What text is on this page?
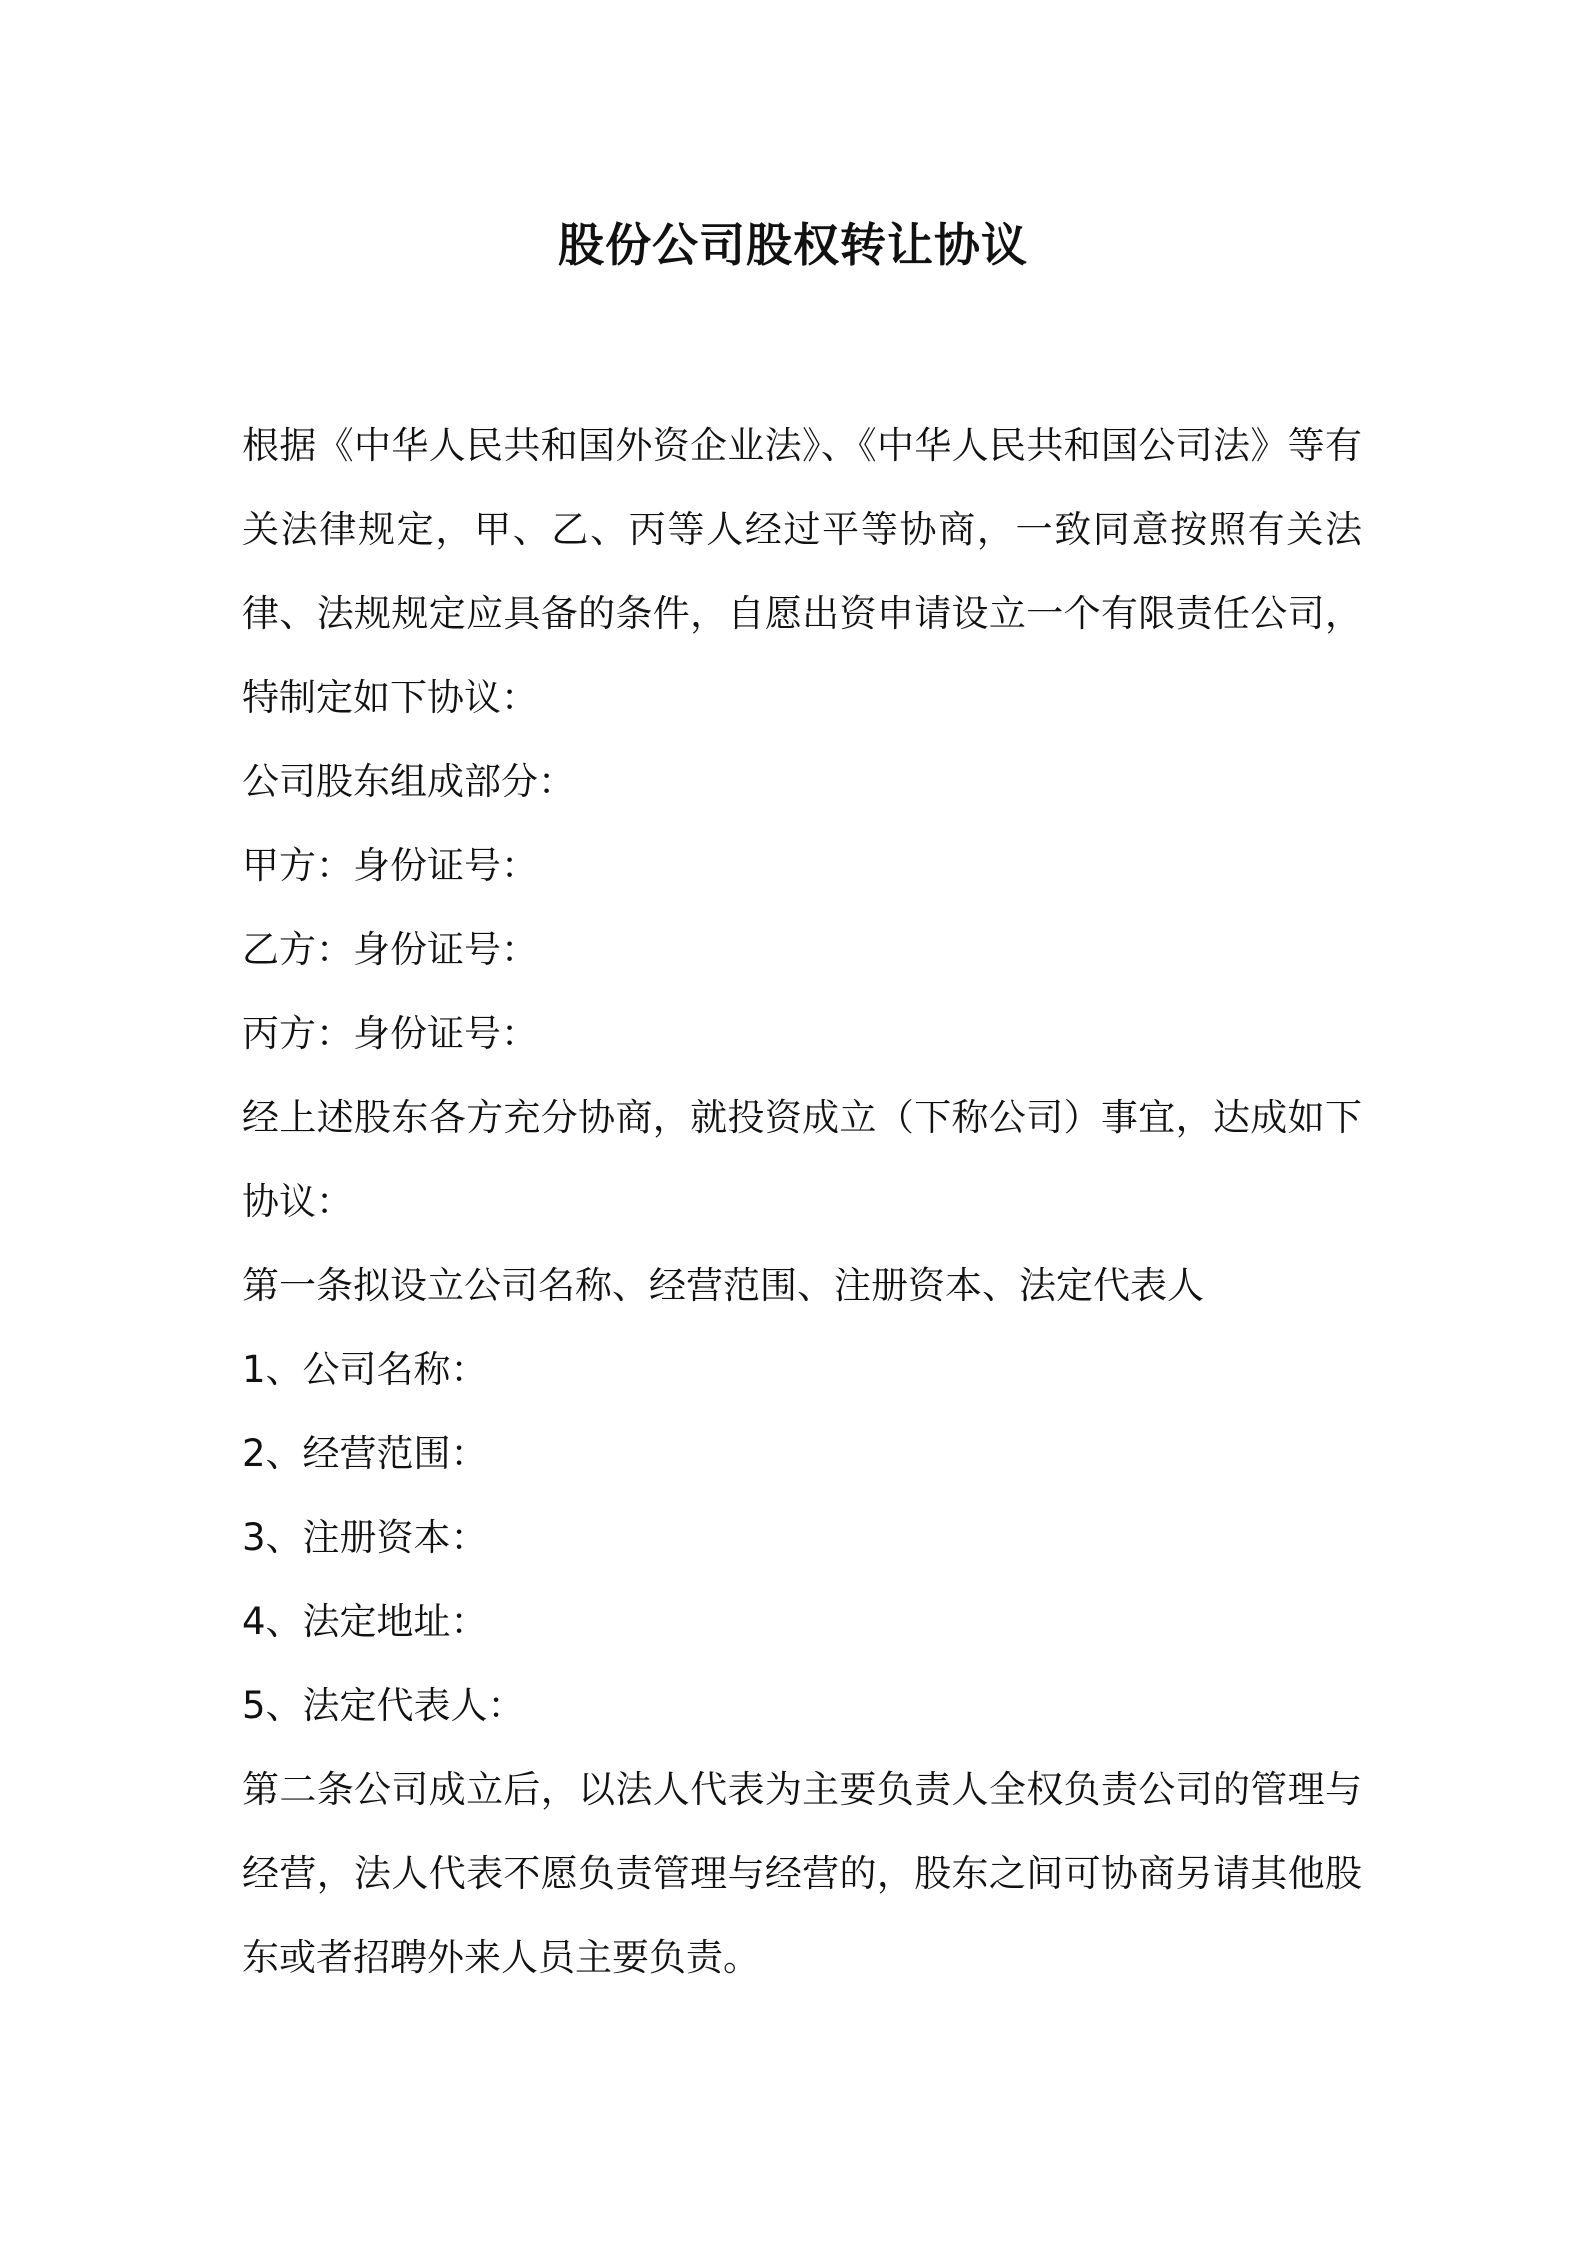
股份公司股权转让协议

根据《中华人民共和国外资企业法》、《中华人民共和国公司法》等有关法律规定，甲、乙、丙等人经过平等协商，一致同意按照有关法律、法规规定应具备的条件，自愿出资申请设立一个有限责任公司，特制定如下协议：

公司股东组成部分：

甲方：身份证号：

乙方：身份证号：

丙方：身份证号：

经上述股东各方充分协商，就投资成立（下称公司）事宜，达成如下协议：

第一条拟设立公司名称、经营范围、注册资本、法定代表人

1、公司名称：

2、经营范围：

3、注册资本：

4、法定地址：

5、法定代表人：

第二条公司成立后，以法人代表为主要负责人全权负责公司的管理与经营，法人代表不愿负责管理与经营的，股东之间可协商另请其他股东或者招聘外来人员主要负责。
